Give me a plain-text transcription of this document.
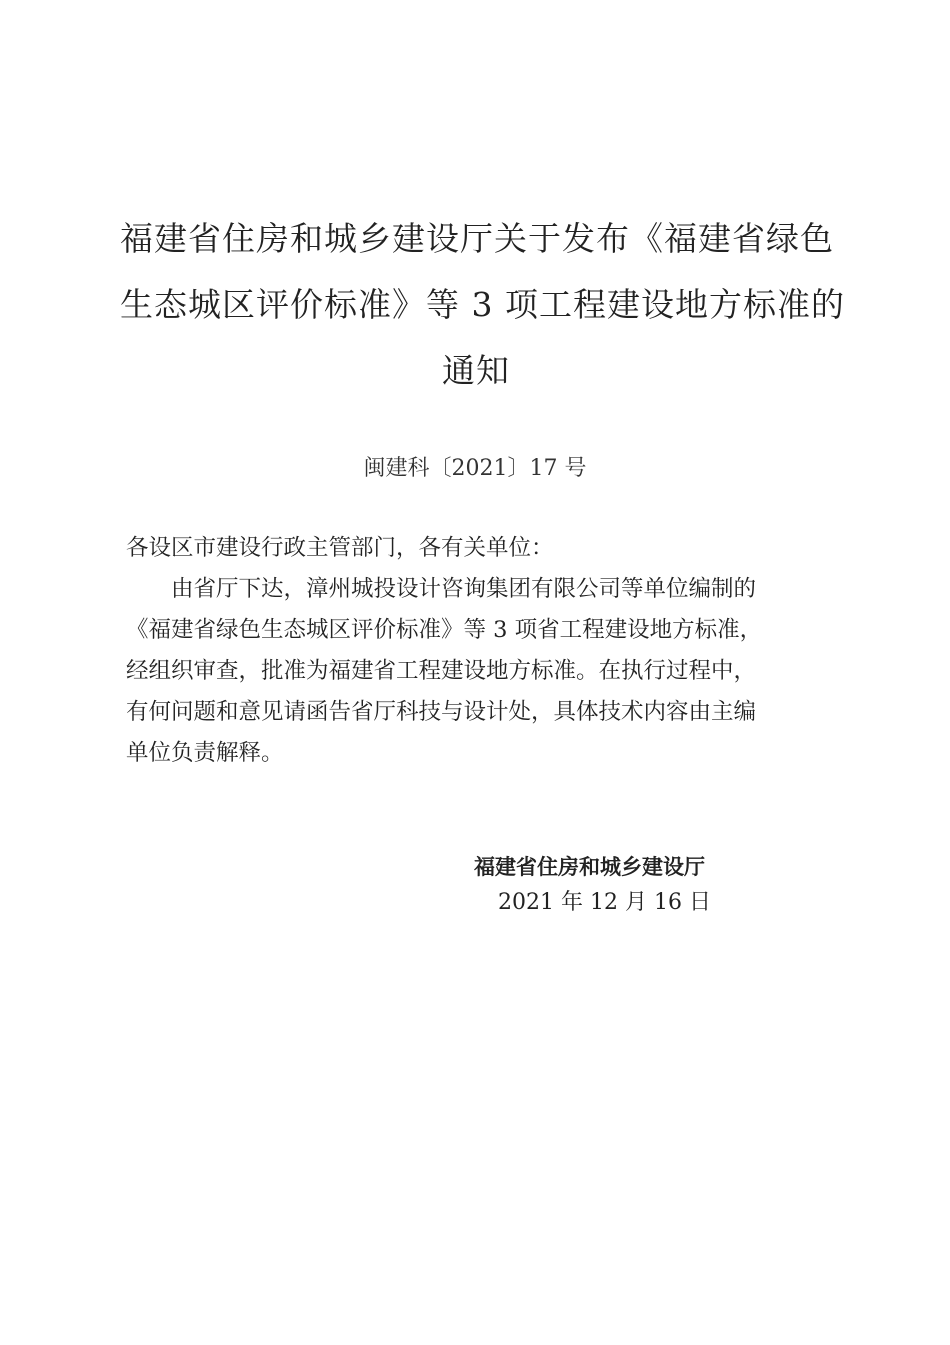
福建省住房和城乡建设厅关于发布《福建省绿色
生态城区评价标准》等 3 项工程建设地方标准的
通知
闽建科〔2021〕17 号

各设区市建设行政主管部门，各有关单位：

由省厅下达，漳州城投设计咨询集团有限公司等单位编制的
《福建省绿色生态城区评价标准》等 3 项省工程建设地方标准，
经组织审查，批准为福建省工程建设地方标准。在执行过程中，
有何问题和意见请函告省厅科技与设计处，具体技术内容由主编
单位负责解释。

福建省住房和城乡建设厅
2021 年 12 月 16 日
